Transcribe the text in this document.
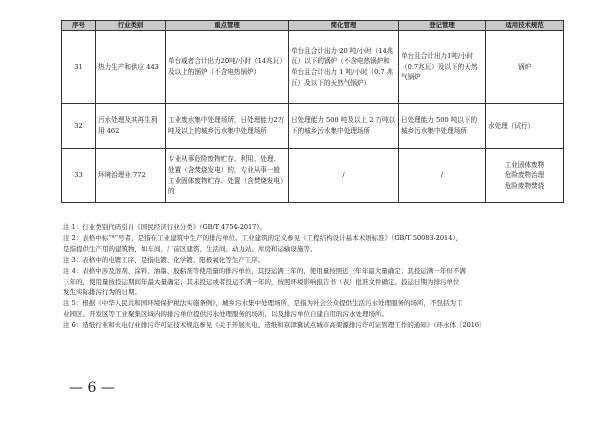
序号	行业类别	重点管理	简化管理	登记管理	适用技术规范
31	热力生产和供应 443	单台或者合计出力20吨/小时（14兆瓦）及以上的锅炉（不含电热锅炉）	单台且合计出力 20 吨/小时（14兆瓦）以下的锅炉（不含电热锅炉和单台且合计出力 1 吨/小时（0.7 兆瓦）及以下的天然气锅炉）	单台且合计出力1吨/小时（0.7兆瓦）及以下的天然气锅炉	锅炉
32	污水处理及其再生利用 462	工业废水集中处理场所，日处理能力2万吨及以上的城乡污水集中处理场所	日处理能力 500 吨及以上 2 万吨以下的城乡污水集中处理场所	日处理能力 500 吨以下的城乡污水集中处理场所	水处理（试行）
33	环境治理业 772	专业从事危险废物贮存、利用、处理、处置（含焚烧发电）的，专业从事一般工业固体废物贮存、处置（含焚烧发电）的	/	/	工业固体废物
危险废物治理
危险废物焚烧
注 1：行业类别代码引自《国民经济行业分类》（GB/T 4754-2017）。
注 2：表格中标“*”号者，是指在工业建筑中生产的排污单位。工业建筑的定义参见《工程结构设计基本术语标准》（GB/T 50083-2014），
是指提供生产用的建筑物，如车间、厂前区建筑、生活间、动力站、库房和运输设施等。
注 3：表格中的电镀工序，是指电镀、化学镀、阳极氧化等生产工序。
注 4：表格中涉及溶剂、涂料、油墨、胶粘剂等使用量的排污单位，其投运满三年的，使用量按照近三年年最大量确定；其投运满一年但不满
三年的，使用量按投运期间年最大量确定；其未投运或者投运不满一年的，按照环境影响报告书（表）批准文件确定。投运日期为排污单位
发生实际排污行为的日期。
注 5：根据《中华人民共和国环境保护税法实施条例》，城乡污水集中处理场所，是指为社会公众提供生活污水处理服务的场所，不包括为工
业园区、开发区等工业聚集区域内的排污单位提供污水处理服务的场所，以及排污单位自建自用的污水处理场所。
注 6：造纸行业和火电行业排污许可证技术规范参见《关于开展火电、造纸和京津冀试点城市高架源排污许可证管理工作的通知》（环水体〔2016〕
— 6 —
